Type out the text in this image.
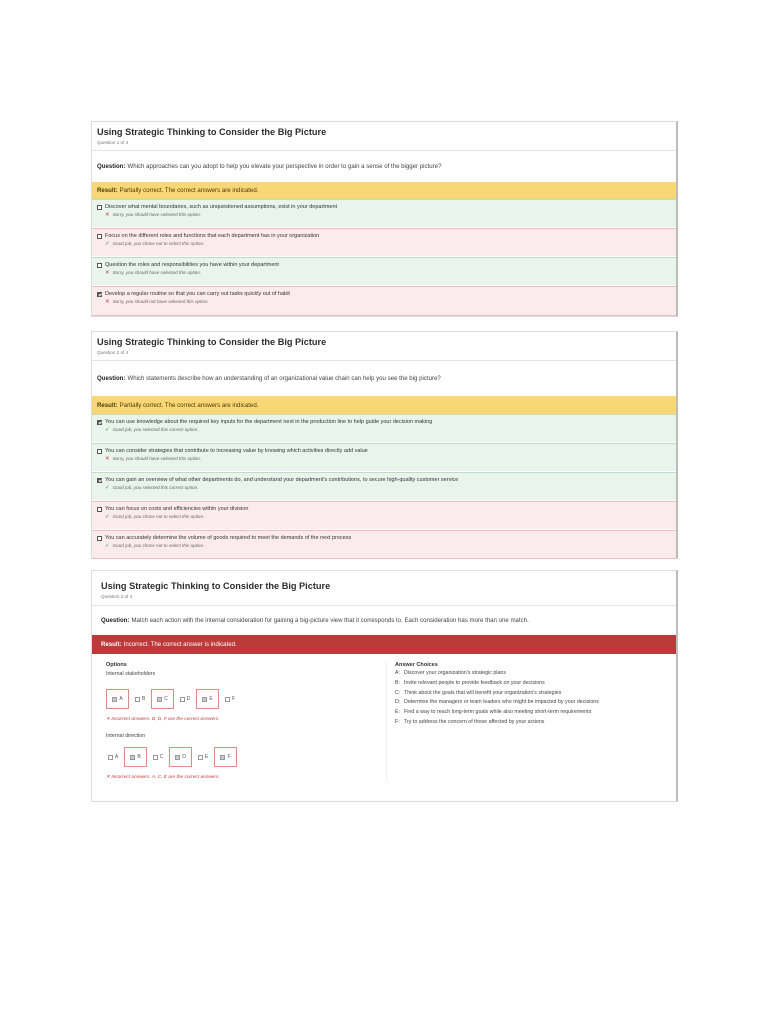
Using Strategic Thinking to Consider the Big Picture
Question 1 of 4
Question: Which approaches can you adopt to help you elevate your perspective in order to gain a sense of the bigger picture?
Result: Partially correct. The correct answers are indicated.
Discover what mental boundaries, such as unquestioned assumptions, exist in your department
✕ Sorry, you should have selected this option.
Focus on the different roles and functions that each department has in your organization
✓ Good job, you chose not to select this option.
Question the roles and responsibilities you have within your department
✕ Sorry, you should have selected this option.
Develop a regular routine so that you can carry out tasks quickly out of habit
✕ Sorry, you should not have selected this option.
Using Strategic Thinking to Consider the Big Picture
Question 2 of 4
Question: Which statements describe how an understanding of an organizational value chain can help you see the big picture?
Result: Partially correct. The correct answers are indicated.
You can use knowledge about the required key inputs for the department next in the production line to help guide your decision making
✓ Good job, you selected this correct option.
You can consider strategies that contribute to increasing value by knowing which activities directly add value
✕ Sorry, you should have selected this option.
You can gain an overview of what other departments do, and understand your department's contributions, to secure high-quality customer service
✓ Good job, you selected this correct option.
You can focus on costs and efficiencies within your division
✓ Good job, you chose not to select this option.
You can accurately determine the volume of goods required to meet the demands of the next process
✓ Good job, you chose not to select this option.
Using Strategic Thinking to Consider the Big Picture
Question 3 of 4
Question: Match each action with the internal consideration for gaining a big-picture view that it corresponds to. Each consideration has more than one match.
Result: Incorrect. The correct answer is indicated.
Options
Internal stakeholders
A	B	C	D	E	F
✕ Incorrect answers. B, D, F are the correct answers.
Internal direction
A	B	C	D	E	F
✕ Incorrect answers. A, C, E are the correct answers.
Answer Choices
A: Discover your organization's strategic plans
B: Invite relevant people to provide feedback on your decisions
C: Think about the goals that will benefit your organization's strategies
D: Determine the managers or team leaders who might be impacted by your decisions
E: Find a way to reach long-term goals while also meeting short-term requirements
F: Try to address the concern of those affected by your actions
